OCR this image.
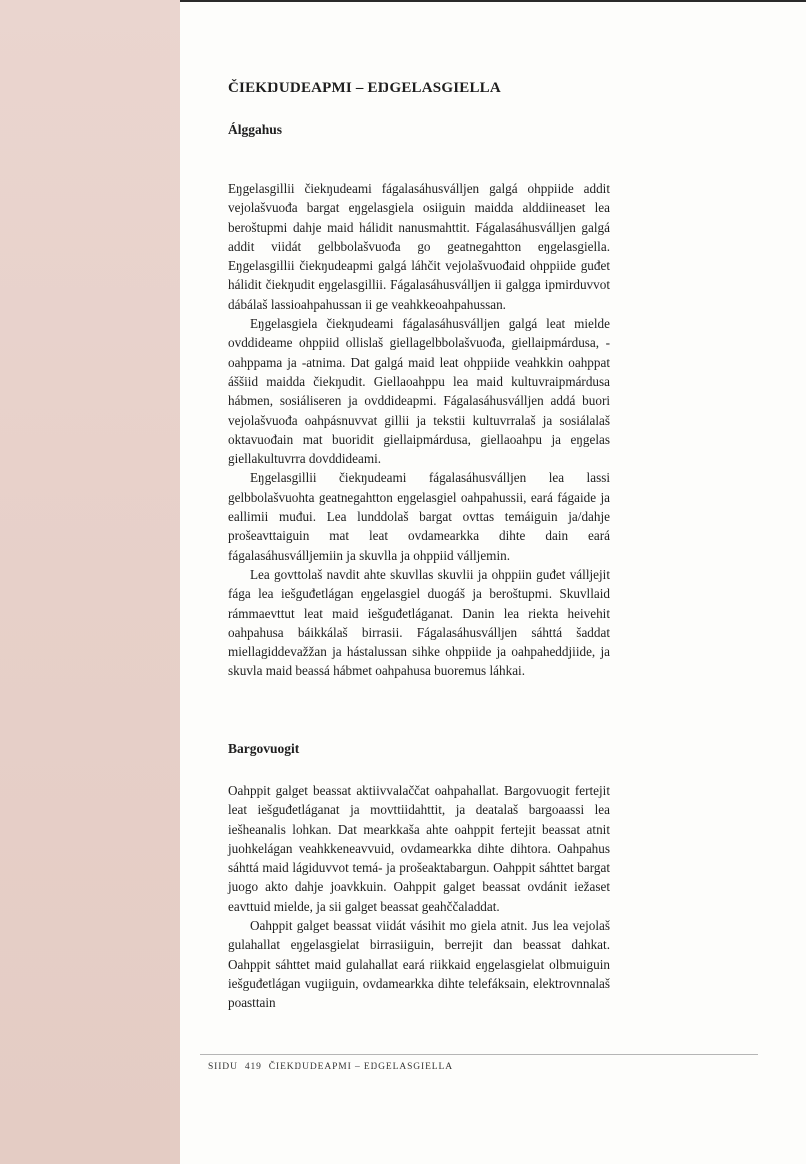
ČIEKŊUDEAPMI – EŊGELASGIELLA
Álggahus

Eŋgelasgillii čiekŋudeami fágalasáhusválljen galgá ohppiide addit vejolašvuođa bargat eŋgelasgiela osiiguin maidda alddiineaset lea beroštupmi dahje maid hálidit nanusmahttit. Fágalasáhusválljen galgá addit viidát gelbbolašvuođa go geatnegahtton eŋgelasgiella. Eŋgelasgillii čiekŋudeapmi galgá láhčit vejolašvuođaid ohppiide guđet hálidit čiekŋudit eŋgelasgillii. Fágalasáhusválljen ii galgga ipmirduvvot dábálaš lassioahpahussan ii ge veahkkeoahpahussan.

Eŋgelasgiela čiekŋudeami fágalasáhusválljen galgá leat mielde ovddideame ohppiid ollislaš giellagelbbolašvuođa, giellaipmárdusa, -oahppama ja -atnima. Dat galgá maid leat ohppiide veahkkin oahppat áššiid maidda čiekŋudit. Giellaoahppu lea maid kultuvraipmárdusa hábmen, sosiáliseren ja ovddideapmi. Fágalasáhusválljen addá buori vejolašvuođa oahpásnuvvat gillii ja tekstii kultuvrralaš ja sosiálalaš oktavuođain mat buoridit giellaipmárdusa, giellaoahpu ja eŋgelas giellakultuvrra dovddideami.

Eŋgelasgillii čiekŋudeami fágalasáhusválljen lea lassi gelbbolašvuohta geatnegahtton eŋgelasgiel oahpahussii, eará fágaide ja eallimii muđui. Lea lunddolaš bargat ovttas temáiguin ja/dahje prošeavttaiguin mat leat ovdamearkka dihte dain eará fágalasáhusválljemiin ja skuvlla ja ohppiid válljemin.

Lea govttolaš navdit ahte skuvllas skuvlii ja ohppiin guđet válljejit fága lea iešguđetlágan eŋgelasgiel duogáš ja beroštupmi. Skuvllaid rámmaevttut leat maid iešguđetláganat. Danin lea riekta heivehit oahpahusa báikkálaš birrasii. Fágalasáhusválljen sáhttá šaddat miellagiddevažžan ja hástalussan sihke ohppiide ja oahpaheddjiide, ja skuvla maid beassá hábmet oahpahusa buoremus láhkai.

Bargovuogit

Oahppit galget beassat aktiivvalaččat oahpahallat. Bargovuogit fertejit leat iešguđetláganat ja movttiidahttit, ja deatalaš bargoaassi lea iešheanalis lohkan. Dat mearkkaša ahte oahppit fertejit beassat atnit juohkelágan veahkkeneavvuid, ovdamearkka dihte dihtora. Oahpahus sáhttá maid lágiduvvot temá- ja prošeaktabargun. Oahppit sáhttet bargat juogo akto dahje joavkkuin. Oahppit galget beassat ovdánit iežaset eavttuid mielde, ja sii galget beassat geahččaladdat.

Oahppit galget beassat viidát vásihit mo giela atnit. Jus lea vejolaš gulahallat eŋgelasgielat birrasiiguin, berrejit dan beassat dahkat. Oahppit sáhttet maid gulahallat eará riikkaid eŋgelasgielat olbmuiguin iešguđetlágan vugiiguin, ovdamearkka dihte telefáksain, elektrovnnalaš poasttain

SIIDU 419 ČIEKŊUDEAPMI – EŊGELASGIELLA
